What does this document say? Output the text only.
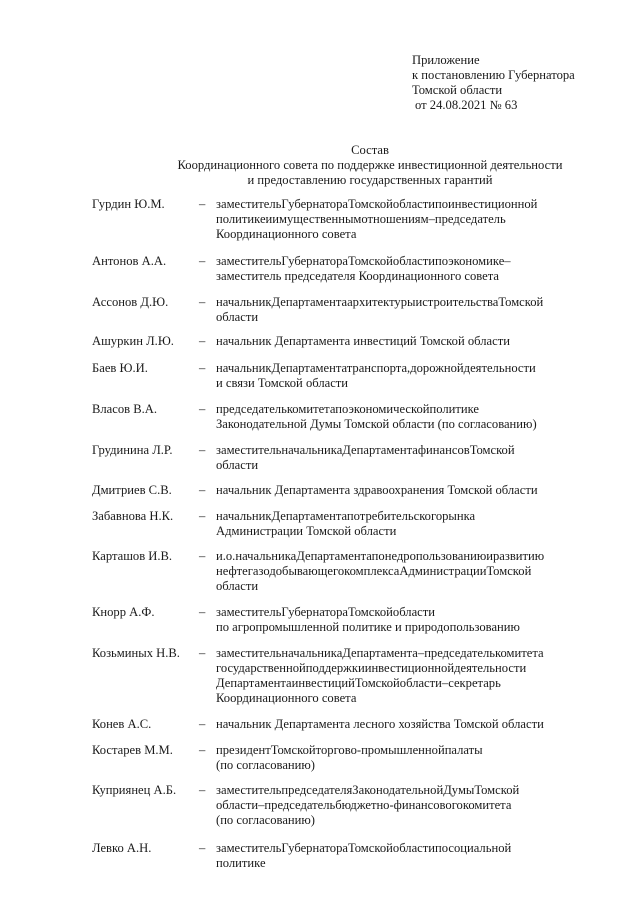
Приложение
к постановлению Губернатора
Томской области
от 24.08.2021 № 63
Состав
Координационного совета по поддержке инвестиционной деятельности
и предоставлению государственных гарантий
Гурдин Ю.М.	– заместительГубернатораТомскойобластипоинвестиционной
политикеиимущественнымотношениям–председатель
Координационного совета
Антонов А.А.	– заместительГубернатораТомскойобластипоэкономике–
заместитель председателя Координационного совета
Ассонов Д.Ю. – начальникДепартаментаархитектурыистроительстваТомской
области
Ашуркин Л.Ю. – начальник Департамента инвестиций Томской области
Баев Ю.И.	– начальникДепартаментатранспорта,дорожнойдеятельности
и связи Томской области
Власов В.А.	– председателькомитетапоэкономическойполитике
Законодательной Думы Томской области (по согласованию)
Грудинина Л.Р. – заместительначальникаДепартаментафинансовТомской
области
Дмитриев С.В. – начальник Департамента здравоохранения Томской области
Забавнова Н.К. – начальникДепартаментапотребительскогорынка
Администрации Томской области
Карташов И.В. – и.о.начальникаДепартаментапонедропользованиюиразвитию
нефтегазодобывающегокомплексаАдминистрацииТомской
области
Кнорр А.Ф.	– заместительГубернатораТомскойобласти
по агропромышленной политике и природопользованию
Козьминых Н.В. – заместительначальникаДепартамента–председателькомитета
государственнойподдержкиинвестиционнойдеятельности
ДепартаментаинвестицийТомскойобласти–секретарь
Координационного совета
Конев А.С.	– начальник Департамента лесного хозяйства Томской области
Костарев М.М. – президентТомскойторгово-промышленнойпалаты
(по согласованию)
Куприянец А.Б. – заместительпредседателяЗаконодательнойДумыТомской
области–председательбюджетно-финансовогокомитета
(по согласованию)
Левко А.Н.	– заместительГубернатораТомскойобластипосоциальной
политике
